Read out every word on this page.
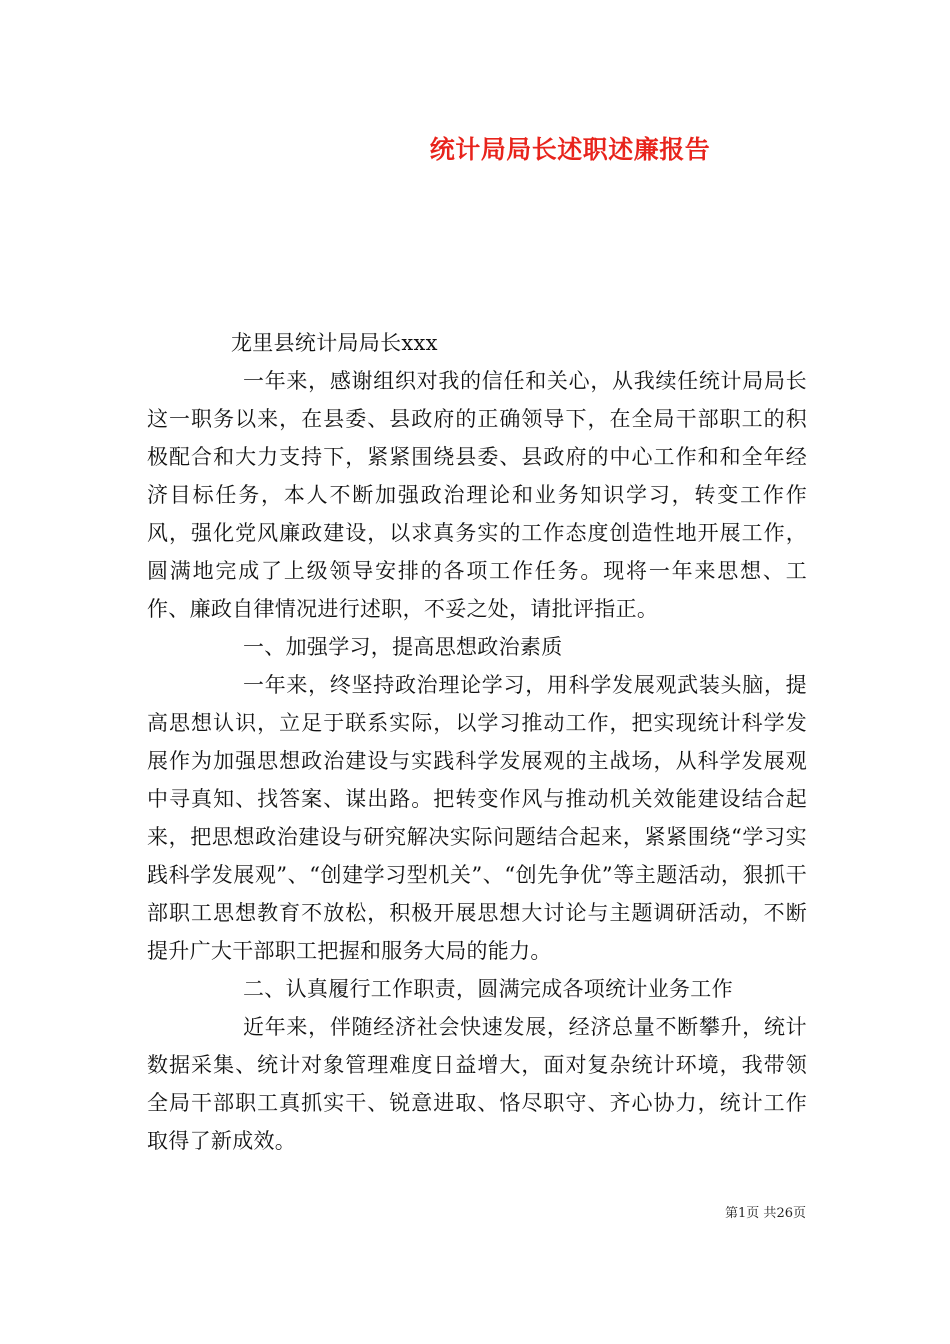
统计局局长述职述廉报告

龙里县统计局局长xxx

一年来，感谢组织对我的信任和关心，从我续任统计局局长这一职务以来，在县委、县政府的正确领导下，在全局干部职工的积极配合和大力支持下，紧紧围绕县委、县政府的中心工作和和全年经济目标任务，本人不断加强政治理论和业务知识学习，转变工作作风，强化党风廉政建设，以求真务实的工作态度创造性地开展工作，圆满地完成了上级领导安排的各项工作任务。现将一年来思想、工作、廉政自律情况进行述职，不妥之处，请批评指正。

一、加强学习，提高思想政治素质

一年来，终坚持政治理论学习，用科学发展观武装头脑，提高思想认识，立足于联系实际，以学习推动工作，把实现统计科学发展作为加强思想政治建设与实践科学发展观的主战场，从科学发展观中寻真知、找答案、谋出路。把转变作风与推动机关效能建设结合起来，把思想政治建设与研究解决实际问题结合起来，紧紧围绕“学习实践科学发展观”、“创建学习型机关”、“创先争优”等主题活动，狠抓干部职工思想教育不放松，积极开展思想大讨论与主题调研活动，不断提升广大干部职工把握和服务大局的能力。

二、认真履行工作职责，圆满完成各项统计业务工作

近年来，伴随经济社会快速发展，经济总量不断攀升，统计数据采集、统计对象管理难度日益增大，面对复杂统计环境，我带领全局干部职工真抓实干、锐意进取、恪尽职守、齐心协力，统计工作取得了新成效。

第1页 共26页
